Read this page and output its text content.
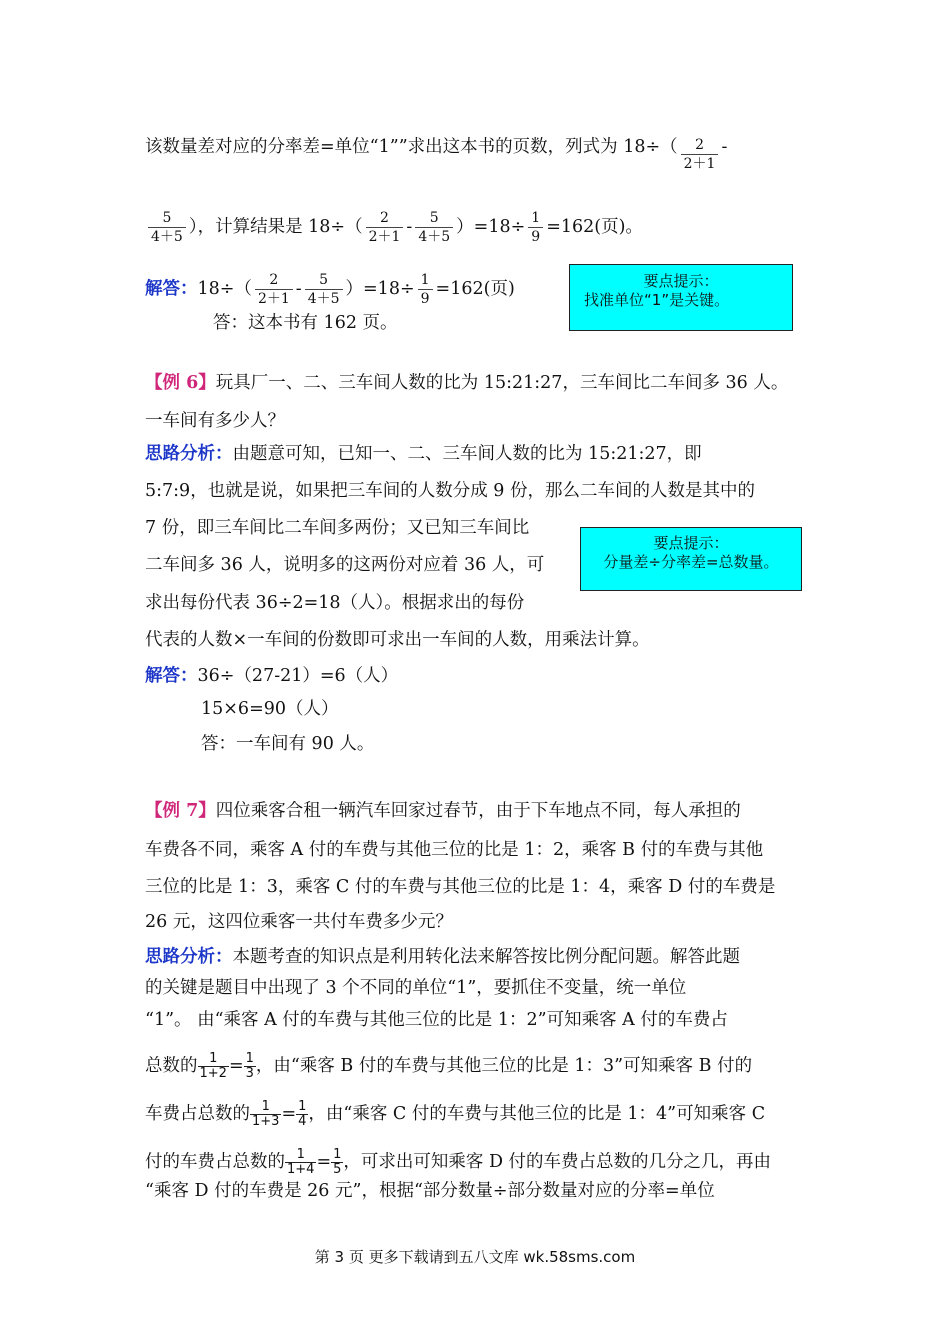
该数量差对应的分率差=单位“1””求出这本书的页数，列式为 $18\div( \frac{2}{2+1}$ -
$\frac{5}{4+5}$ ），计算结果是 $18\div( \frac{2}{2+1} - \frac{5}{4+5} )=18\div \frac{1}{9} =162$(页)。
解答：$18\div( \frac{2}{2+1} - \frac{5}{4+5} )=18\div \frac{1}{9} =162$(页)
答：这本书有 162 页。
要点提示：
找准单位“1”是关键。
【例 6】玩具厂一、二、三车间人数的比为 15:21:27，三车间比二车间多 36 人。
一车间有多少人？
思路分析：由题意可知，已知一、二、三车间人数的比为 15:21:27，即
5:7:9，也就是说，如果把三车间的人数分成 9 份，那么二车间的人数是其中的
7 份，即三车间比二车间多两份；又已知三车间比
二车间多 36 人，说明多的这两份对应着 36 人，可
求出每份代表 36÷2=18（人）。根据求出的每份
代表的人数×一车间的份数即可求出一车间的人数，用乘法计算。
要点提示：
分量差÷分率差=总数量。
解答：36÷（27-21）=6（人）
15×6=90（人）
答：一车间有 90 人。
【例 7】四位乘客合租一辆汽车回家过春节，由于下车地点不同，每人承担的
车费各不同，乘客 A 付的车费与其他三位的比是 1：2，乘客 B 付的车费与其他
三位的比是 1：3，乘客 C 付的车费与其他三位的比是 1：4，乘客 D 付的车费是
26 元，这四位乘客一共付车费多少元？
思路分析：本题考查的知识点是利用转化法来解答按比例分配问题。解答此题
的关键是题目中出现了 3 个不同的单位“1”，要抓住不变量，统一单位
“1”。 由“乘客 A 付的车费与其他三位的比是 1：2”可知乘客 A 付的车费占
总数的 $\frac{1}{1+2} = \frac{1}{3}$ ，由“乘客 B 付的车费与其他三位的比是 1：3”可知乘客 B 付的
车费占总数的 $\frac{1}{1+3} = \frac{1}{4}$ ，由“乘客 C 付的车费与其他三位的比是 1：4”可知乘客 C
付的车费占总数的 $\frac{1}{1+4} = \frac{1}{5}$ ，可求出可知乘客 D 付的车费占总数的几分之几，再由
“乘客 D 付的车费是 26 元”，根据“部分数量÷部分数量对应的分率=单位
第 3 页 更多下载请到五八文库 wk.58sms.com
